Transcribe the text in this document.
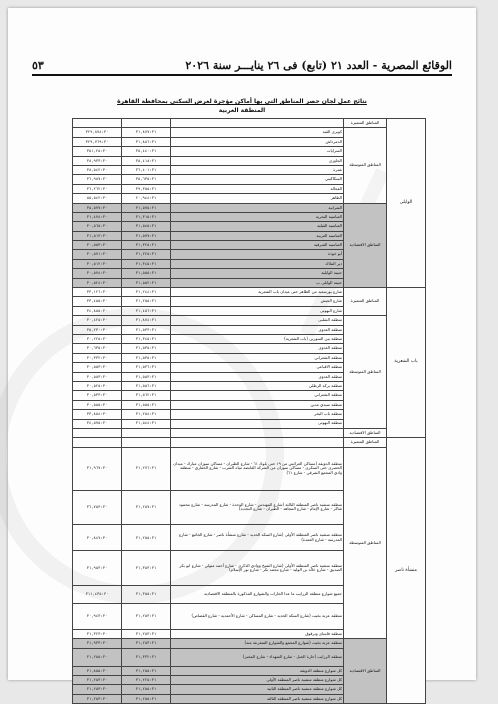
الوقائع المصرية - العدد ٢١ (تابع) فى ٢٦ ينايـــر سنة ٢٠٢٦
٥٣
نتائج عمل لجان حصر المناطق التى بها أماكن مؤجرة لغرض السكنى بمحافظة القاهرة
المنطقة الغربية
الوايلى	المناطق المتميزة			
	المناطق المتوسطة	كوبرى القبة	٣١,٨٧٧:٣١	٣٢٩,٨٧٤:٣٠
		الدمرداش	٣١,٨٨٦:٣١	٣٢٩,٧٦٩:٣٠
		السرايات	٣٥,٤٤٠:٣١	٣٥١,٢٥:٣٠
		الجاوزى	٣٥,٤١٨:٣١	٣٨,٩٣٣:٣٠
		غمرة	٣٦,٤٠١:٣١	٣٨,٥٤٢:٣٠
		السكاكيني	٣٥,٦٣٥:٣١	٣٦,٩٨٧:٣٠
		الفجالة	٣٩,٣٥٥:٣١	٣٦,٢٦٢:٣٠
		الظاهر	٢٠,٩٤٤:٣١	٥٥,٥٤٢:٣٠
	المناطق الاقتصادية	الشرابية	٣١,٥٧٥:٣١	٣٥,٥٧٧:٣٠
		العباسية البحرية	٣١,٣١٥:٣١	٣١,٤٧٤:٣٠
		العباسية القبلية	٣١,٥٤٥:٣١	٣٠,٥٦٥:٣٠
		العباسية الغربية	٣١,٥٧٧:٣١	٣١,٥١٣:٣٠
		العباسية الشرقية	٣١,٣٢٥:٣١	٣٠,٥٥٣:٣٠
		أبو خوذة	٣١,٢٢٥:٣١	٣٠,٥٧١:٣٠
		دير الملاك	٣١,٣٤٥:٣١	٣٠,٥١٢:٣٠
		جنينة الوايلية	٣١,٥٥٥:٣١	٣٠,٥٧٤:٣٠
		جنينة الوايلى ب	٣١,٥٥٢:٣١	٣٠,٥٢٤:٣٠
باب الشعرية	المناطق المتميزة	شارع بورسعيد من الظاهر حتى ميدان باب الشعرية	٣١,٢٤٤:٣١	٣٣,١٢٦:٣٠
		شارع الجيش	٣١,٢٥٥:٣١	٣٣,٤٥٥:٣٠
		شارع البهوتى	٣١,٤٥٦:٣١	٣٤,٨٥٥:٣٠
	المناطق المتوسطة	منطقة الشلبى	٣١,٨٧٤:٣١	٣٠,٤٢٥:٣٠
		منطقة العدوى	٣١,٥٣٣:٣١	٣٥,٢٣٠:٣٠
		منطقة بين السورين (باب الشعرية)	٣١,٣٤٥:٣١	٣٠,٢٢٥:٣٠
		منطقة العدوى	٣١,٥٣٥:٣١	٣٠,٦٣٥:٣٠
		منطقة الشعراني	٣١,٥٣٥:٣١	٣٠,٣٣٢:٣٠
		منطقة الاقباعى	٣١,٥٣٦:٣١	٣٠,٥٥٣:٣٠
		منطقة العدوى	٣١,٥٥٣:٣١	٣٠,٥٨٣:٣٠
		منطقة بركة الرطلي	٣١,٥٥٦:٣١	٣٠,٥٢٥:٣٠
		منطقة الشعراني	٣١,٥٦٢:٣١	٣٠,٥٣٣:٣٠
		منطقة سيدي مدين	٣١,٥٥٥:٣١	٣٠,٥٥٥:٣٠
		منطقة باب البحر	٣١,٢٥٤:٣١	٣٣,٨٥٤:٣٠
		منطقة البهوتى	٣١,٥٤٤:٣١	٣٤,٥٧٥:٣٠
	المناطق الاقتصادية			
منشأة ناصر	المناطق المتميزة			
	المناطق المتوسطة	منطقة الدويقة (مساكن العرائس من ١٩ حتى بلوك ٦١ - شارع الطيران - مساكن سوزان مبارك - ميدان الحصرى حتى السكرى - مساكن سوزان من الشركة القابضة مياه الشرب - شارع الحفاري - منطقة وادي المجمع الشرقي - شارع ٦١)	٣١,٢٧٦:٣١	٣١,٩٦٧:٣٠
		منطقة منشية ناصر المنطقة الثالثة (شارع المهندس - شارع الوحدة - شارع المدرسة - شارع محمود شاكر - شارع الإمام - شارع المجاهد - الطيران - شارع التجديد)	٣١,٢٥٧:٣١	٣٦,٧٥٣:٣٠
		منطقة منشية ناصر المنطقة الأولى (شارع السكة الحديد - شارع منشأة ناصر - شارع الجامع - شارع المدرسة - شارع العمدة)	٣١,٢٥٥:٣١	٣٠,٨٤٧:٣٠
		منطقة منشية ناصر المنطقة الأولى (شارع الشيخ ووادي الذكرى - شارع أحمد متولي - شارع ابو بكر الصديق - شارع خالد بن الوليد - شارع محمد بكر - شارع نور الإسلام)	٣١,٣٥٣:٣١	٣١,٩٥٣:٣٠
		جميع شوارع منطقة الزرايب ما عدا الحارات والشوارع المذكورة بالمنطقة الاقتصادية	٣١,٣٥٥:٣١	٣١١,٤٣٥:٣٠
		منطقة عزبة بخيت (شارع السكة الحديد - شارع المساكن - شارع الأحمدية - شارع القصاص)	٣١,٢٥٣:٣١	٣٠,٩٤٣:٣٠
		منطقة قايتباى وبرقوق	٣١,٢٥٣:٣١	٣١,٣٢٣:٣٠
	المناطق الاقتصادية	منطقة عزبة بخيت (شوارع المجمع والشوارع المتفرعة منه)	٣١,٢٥٣:٣١	٣١,٩٣٣:٣٠
		منطقة الزرايب (حارة الحبل - شارع الشهداء - شارع المخبز)	٣١,٣٣٢:٣١	٣١,٢٥٥:٣٠
		كل شوارع منطقة الدويقة	٣١,٢٥٥:٣١	٣١,٨٥٥:٣٠
		كل شوارع منطقة منشية ناصر المنطقة الأولى	٣١,٢٢٥:٣١	٣١,٢٥٣:٣٠
		كل شوارع منطقة منشية ناصر المنطقة الثانية	٣١,٢٥٥:٣١	٣١,٢٥٣:٣٠
		كل شوارع منطقة منشية ناصر المنطقة الثالثة	٣١,٢٥٥:٣١	٣١,٢٥٣:٣٠
